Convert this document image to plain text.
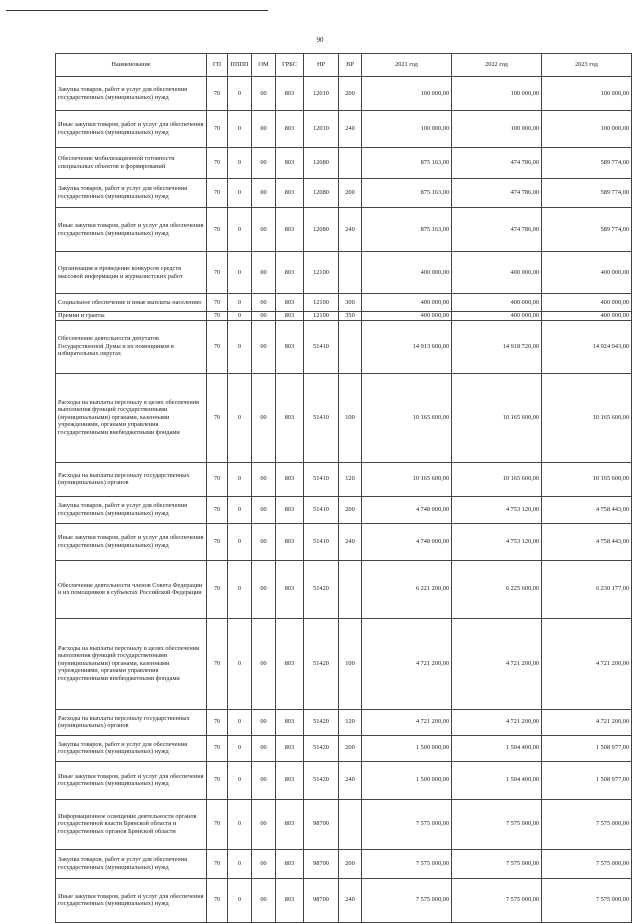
90
Наименование	ГП	ПППП	ОМ	ГРБС	НР	ВР	2021 год	2022 год	2023 год
Закупка товаров, работ и услуг для обеспечения государственных (муниципальных) нужд	70	0	00	803	12010	200	100 000,00	100 000,00	100 000,00
Иные закупки товаров, работ и услуг для обеспечения государственных (муниципальных) нужд	70	0	00	803	12010	240	100 000,00	100 000,00	100 000,00
Обеспечение мобилизационной готовности специальных объектов и формирований	70	0	00	803	12080		875 163,00	474 786,00	589 774,00
Закупка товаров, работ и услуг для обеспечения государственных (муниципальных) нужд	70	0	00	803	12080	200	875 163,00	474 786,00	589 774,00
Иные закупки товаров, работ и услуг для обеспечения государственных (муниципальных) нужд	70	0	00	803	12080	240	875 163,00	474 786,00	589 774,00
Организация и проведение конкурсов средств массовой информации и журналистских работ	70	0	00	803	12100		400 000,00	400 000,00	400 000,00
Социальное обеспечение и иные выплаты населению	70	0	00	803	12100	300	400 000,00	400 000,00	400 000,00
Премии и гранты	70	0	00	803	12100	350	400 000,00	400 000,00	400 000,00
Обеспечение деятельности депутатов Государственной Думы и их помощников в избирательных округах	70	0	00	803	51410		14 913 600,00	14 918 720,00	14 924 043,00
Расходы на выплаты персоналу в целях обеспечения выполнения функций государственными (муниципальными) органами, казенными учреждениями, органами управления государственными внебюджетными фондами	70	0	00	803	51410	100	10 165 600,00	10 165 600,00	10 165 600,00
Расходы на выплаты персоналу государственных (муниципальных) органов	70	0	00	803	51410	120	10 165 600,00	10 165 600,00	10 165 600,00
Закупка товаров, работ и услуг для обеспечения государственных (муниципальных) нужд	70	0	00	803	51410	200	4 748 000,00	4 753 120,00	4 758 443,00
Иные закупки товаров, работ и услуг для обеспечения государственных (муниципальных) нужд	70	0	00	803	51410	240	4 748 000,00	4 753 120,00	4 758 443,00
Обеспечение деятельности членов Совета Федерации и их помощников в субъектах Российской Федерации	70	0	00	803	51420		6 221 200,00	6 225 600,00	6 230 177,00
Расходы на выплаты персоналу в целях обеспечения выполнения функций государственными (муниципальными) органами, казенными учреждениями, органами управления государственными внебюджетными фондами	70	0	00	803	51420	100	4 721 200,00	4 721 200,00	4 721 200,00
Расходы на выплаты персоналу государственных (муниципальных) органов	70	0	00	803	51420	120	4 721 200,00	4 721 200,00	4 721 200,00
Закупка товаров, работ и услуг для обеспечения государственных (муниципальных) нужд	70	0	00	803	51420	200	1 500 000,00	1 504 400,00	1 508 977,00
Иные закупки товаров, работ и услуг для обеспечения государственных (муниципальных) нужд	70	0	00	803	51420	240	1 500 000,00	1 504 400,00	1 508 977,00
Информационное освещение деятельности органов государственной власти Брянской области и государственных органов Брянской области	70	0	00	803	98700		7 575 000,00	7 575 000,00	7 575 000,00
Закупка товаров, работ и услуг для обеспечения государственных (муниципальных) нужд	70	0	00	803	98700	200	7 575 000,00	7 575 000,00	7 575 000,00
Иные закупки товаров, работ и услуг для обеспечения государственных (муниципальных) нужд	70	0	00	803	98700	240	7 575 000,00	7 575 000,00	7 575 000,00
